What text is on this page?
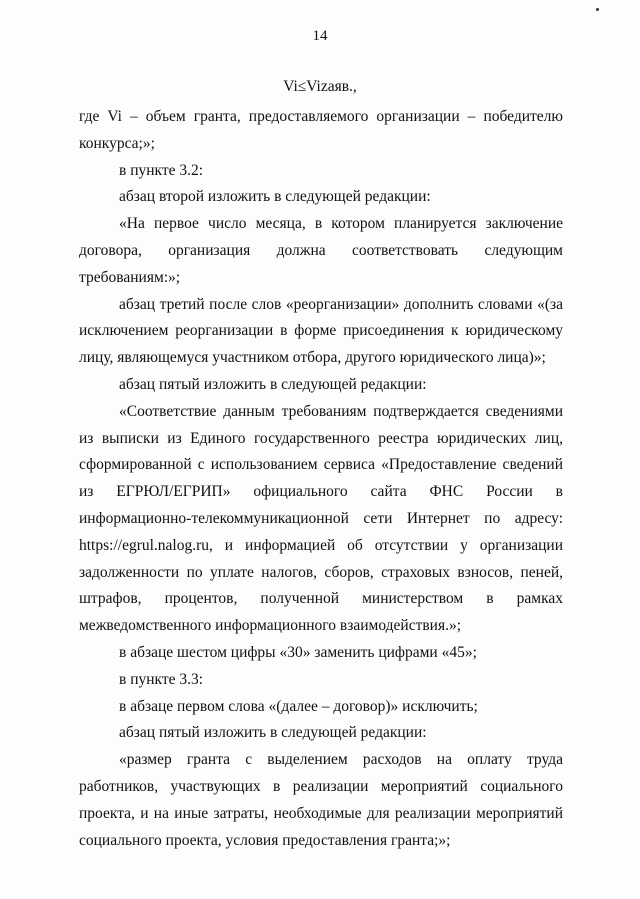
14
Vi≤Vizаяв.,

где Vi – объем гранта, предоставляемого организации – победителю конкурса;»;

в пункте 3.2:

абзац второй изложить в следующей редакции:

«На первое число месяца, в котором планируется заключение договора, организация должна соответствовать следующим требованиям:»;

абзац третий после слов «реорганизации» дополнить словами «(за исключением реорганизации в форме присоединения к юридическому лицу, являющемуся участником отбора, другого юридического лица)»;

абзац пятый изложить в следующей редакции:

«Соответствие данным требованиям подтверждается сведениями из выписки из Единого государственного реестра юридических лиц, сформированной с использованием сервиса «Предоставление сведений из ЕГРЮЛ/ЕГРИП» официального сайта ФНС России в информационно-телекоммуникационной сети Интернет по адресу: https://egrul.nalog.ru, и информацией об отсутствии у организации задолженности по уплате налогов, сборов, страховых взносов, пеней, штрафов, процентов, полученной министерством в рамках межведомственного информационного взаимодействия.»;

в абзаце шестом цифры «30» заменить цифрами «45»;

в пункте 3.3:

в абзаце первом слова «(далее – договор)» исключить;

абзац пятый изложить в следующей редакции:

«размер гранта с выделением расходов на оплату труда работников, участвующих в реализации мероприятий социального проекта, и на иные затраты, необходимые для реализации мероприятий социального проекта, условия предоставления гранта;»;
